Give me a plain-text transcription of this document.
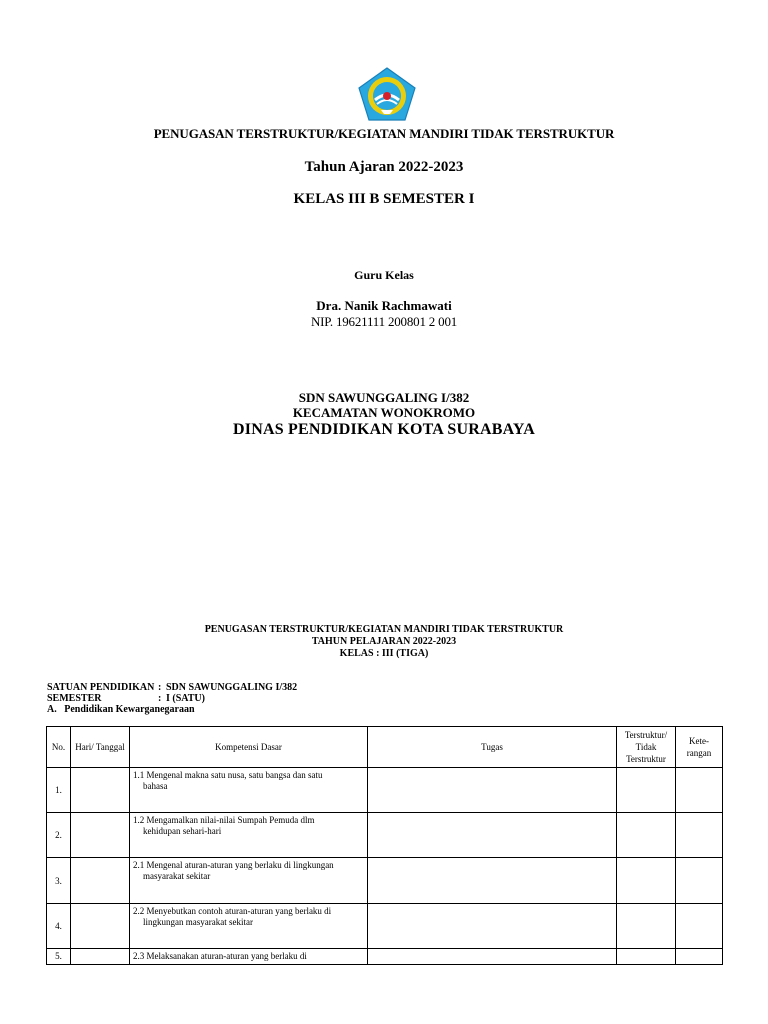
PENUGASAN TERSTRUKTUR/KEGIATAN MANDIRI TIDAK TERSTRUKTUR
Tahun Ajaran 2022-2023
KELAS III B SEMESTER I
Guru Kelas
Dra. Nanik Rachmawati
NIP. 19621111 200801 2 001
SDN SAWUNGGALING I/382
KECAMATAN WONOKROMO
DINAS PENDIDIKAN KOTA SURABAYA
PENUGASAN TERSTRUKTUR/KEGIATAN MANDIRI TIDAK TERSTRUKTUR
TAHUN PELAJARAN 2022-2023
KELAS : III (TIGA)
SATUAN PENDIDIKAN : SDN SAWUNGGALING I/382
SEMESTER	: I (SATU)
A.   Pendidikan Kewarganegaraan
No.	Hari/ Tanggal	Kompetensi Dasar	Tugas	Terstruktur/ Tidak Terstruktur	Kete- rangan
1.		1.1 Mengenal makna satu nusa, satu bangsa dan satu
bahasa			

2.		1.2 Mengamalkan nilai-nilai Sumpah Pemuda dlm
kehidupan sehari-hari			

3.		2.1 Mengenal aturan-aturan yang berlaku di lingkungan
masyarakat sekitar			

4.		2.2 Menyebutkan contoh aturan-aturan yang berlaku di
lingkungan masyarakat sekitar			

5.		2.3 Melaksanakan aturan-aturan yang berlaku di			
